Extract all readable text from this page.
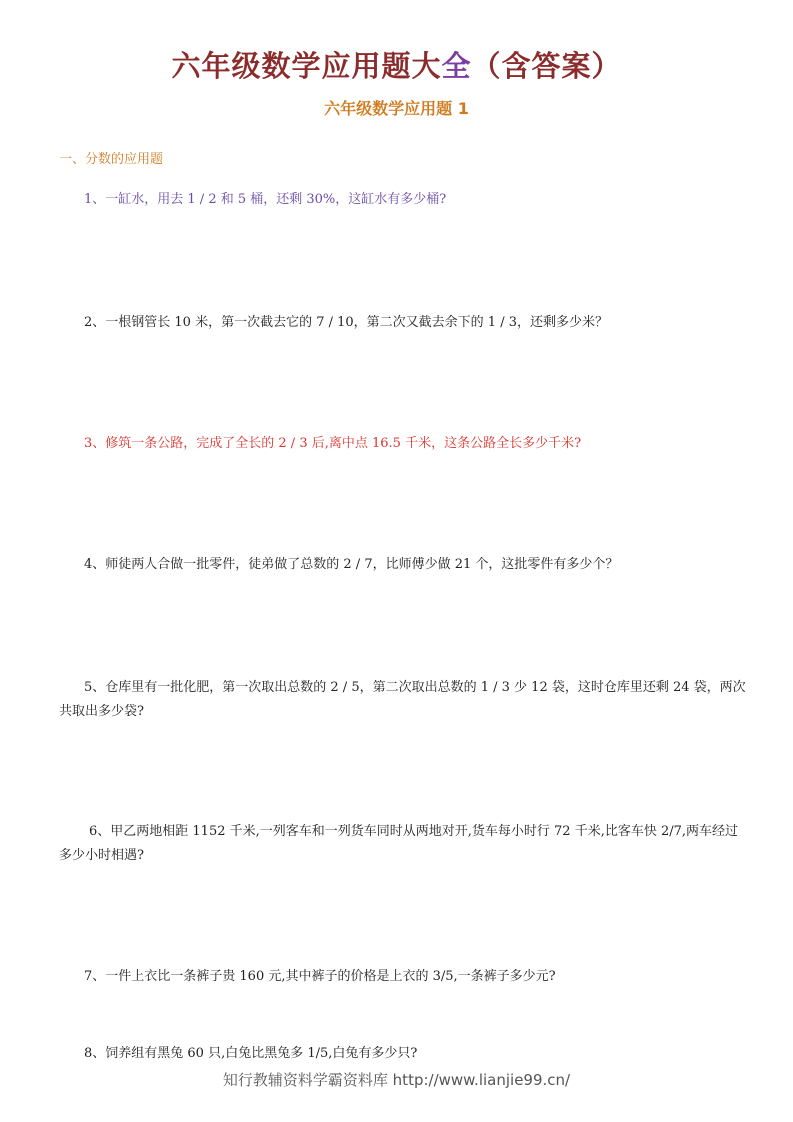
六年级数学应用题大全（含答案）
六年级数学应用题 1
一、分数的应用题

1、一缸水，用去 1 / 2 和 5 桶，还剩 30%，这缸水有多少桶?

2、一根钢管长 10 米，第一次截去它的 7 / 10，第二次又截去余下的 1 / 3，还剩多少米？

3、修筑一条公路，完成了全长的 2 / 3 后,离中点 16.5 千米，这条公路全长多少千米?

4、师徒两人合做一批零件，徒弟做了总数的 2 / 7，比师傅少做 21 个，这批零件有多少个？

5、仓库里有一批化肥，第一次取出总数的 2 / 5，第二次取出总数的 1 / 3 少 12 袋，这时仓库里还剩 24 袋，两次共取出多少袋?

6、甲乙两地相距 1152 千米,一列客车和一列货车同时从两地对开,货车每小时行 72 千米,比客车快 2/7,两车经过多少小时相遇?

7、一件上衣比一条裤子贵 160 元,其中裤子的价格是上衣的 3/5,一条裤子多少元?

8、饲养组有黑兔 60 只,白兔比黑兔多 1/5,白兔有多少只?

知行教辅资料学霸资料库 http://www.lianjie99.cn/
